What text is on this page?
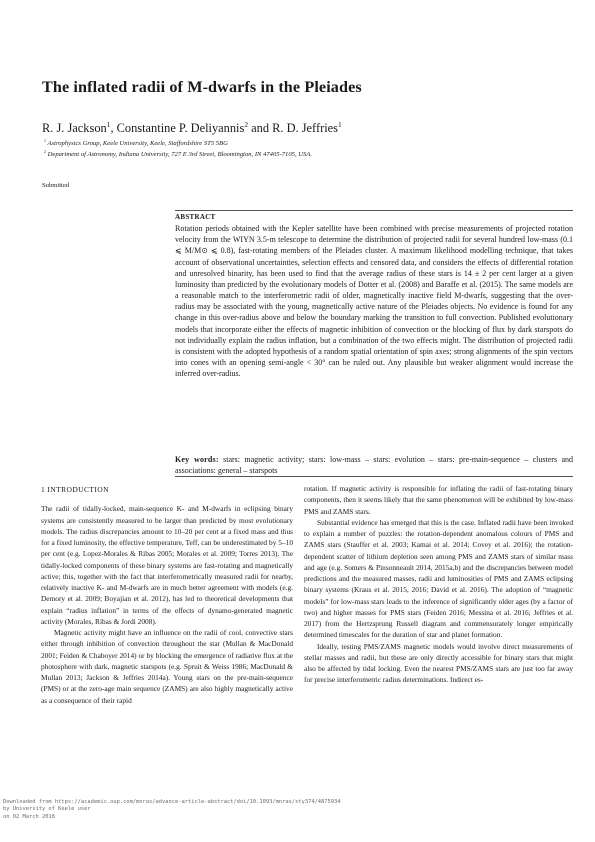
The inflated radii of M-dwarfs in the Pleiades
R. J. Jackson$^1$, Constantine P. Deliyannis$^2$ and R. D. Jeffries$^1$
$^1$ Astrophysics Group, Keele University, Keele, Staffordshire ST5 5BG
$^2$ Department of Astronomy, Indiana University, 727 E 3rd Street, Bloomington, IN 47405-7105, USA.
Submitted
ABSTRACT
Rotation periods obtained with the Kepler satellite have been combined with precise measurements of projected rotation velocity from the WIYN 3.5-m telescope to determine the distribution of projected radii for several hundred low-mass (0.1 ⩽ M/M⊙ ⩽ 0.8), fast-rotating members of the Pleiades cluster. A maximum likelihood modelling technique, that takes account of observational uncertainties, selection effects and censored data, and considers the effects of differential rotation and unresolved binarity, has been used to find that the average radius of these stars is 14 ± 2 per cent larger at a given luminosity than predicted by the evolutionary models of Dotter et al. (2008) and Baraffe et al. (2015). The same models are a reasonable match to the interferometric radii of older, magnetically inactive field M-dwarfs, suggesting that the over-radius may be associated with the young, magnetically active nature of the Pleiades objects. No evidence is found for any change in this over-radius above and below the boundary marking the transition to full convection. Published evolutionary models that incorporate either the effects of magnetic inhibition of convection or the blocking of flux by dark starspots do not individually explain the radius inflation, but a combination of the two effects might. The distribution of projected radii is consistent with the adopted hypothesis of a random spatial orientation of spin axes; strong alignments of the spin vectors into cones with an opening semi-angle < 30° can be ruled out. Any plausible but weaker alignment would increase the inferred over-radius.
Key words: stars: magnetic activity; stars: low-mass – stars: evolution – stars: pre-main-sequence – clusters and associations: general – starspots

1 INTRODUCTION

The radii of tidally-locked, main-sequence K- and M-dwarfs in eclipsing binary systems are consistently measured to be larger than predicted by most evolutionary models. The radius discrepancies amount to 10–20 per cent at a fixed mass and thus for a fixed luminosity, the effective temperature, Teff, can be underestimated by 5–10 per cent (e.g. Lopez-Morales & Ribas 2005; Morales et al. 2009; Torres 2013). The tidally-locked components of these binary systems are fast-rotating and magnetically active; this, together with the fact that interferometrically measured radii for nearby, relatively inactive K- and M-dwarfs are in much better agreement with models (e.g. Demory et al. 2009; Boyajian et al. 2012), has led to theoretical developments that explain “radius inflation” in terms of the effects of dynamo-generated magnetic activity (Morales, Ribas & Jordi 2008).

Magnetic activity might have an influence on the radii of cool, convective stars either through inhibition of convection throughout the star (Mullan & MacDonald 2001; Feiden & Chaboyer 2014) or by blocking the emergence of radiative flux at the photosphere with dark, magnetic starspots (e.g. Spruit & Weiss 1986; MacDonald & Mullan 2013; Jackson & Jeffries 2014a). Young stars on the pre-main-sequence (PMS) or at the zero-age main sequence (ZAMS) are also highly magnetically active as a consequence of their rapid

rotation. If magnetic activity is responsible for inflating the radii of fast-rotating binary components, then it seems likely that the same phenomenon will be exhibited by low-mass PMS and ZAMS stars.

Substantial evidence has emerged that this is the case. Inflated radii have been invoked to explain a number of puzzles: the rotation-dependent anomalous colours of PMS and ZAMS stars (Stauffer et al. 2003; Kamai et al. 2014; Covey et al. 2016); the rotation-dependent scatter of lithium depletion seen among PMS and ZAMS stars of similar mass and age (e.g. Somers & Pinsonneault 2014, 2015a,b) and the discrepancies between model predictions and the measured masses, radii and luminosities of PMS and ZAMS eclipsing binary systems (Kraus et al. 2015, 2016; David et al. 2016). The adoption of “magnetic models” for low-mass stars leads to the inference of significantly older ages (by a factor of two) and higher masses for PMS stars (Feiden 2016; Messina et al. 2016; Jeffries et al. 2017) from the Hertzsprung Russell diagram and commensurately longer empirically determined timescales for the duration of star and planet formation.

Ideally, testing PMS/ZAMS magnetic models would involve direct measurements of stellar masses and radii, but these are only directly accessible for binary stars that might also be affected by tidal locking. Even the nearest PMS/ZAMS stars are just too far away for precise interferometric radius determinations. Indirect es-

Downloaded from https://academic.oup.com/mnras/advance-article-abstract/doi/10.1093/mnras/sty374/4875934
by University of Keele user
on 02 March 2018
